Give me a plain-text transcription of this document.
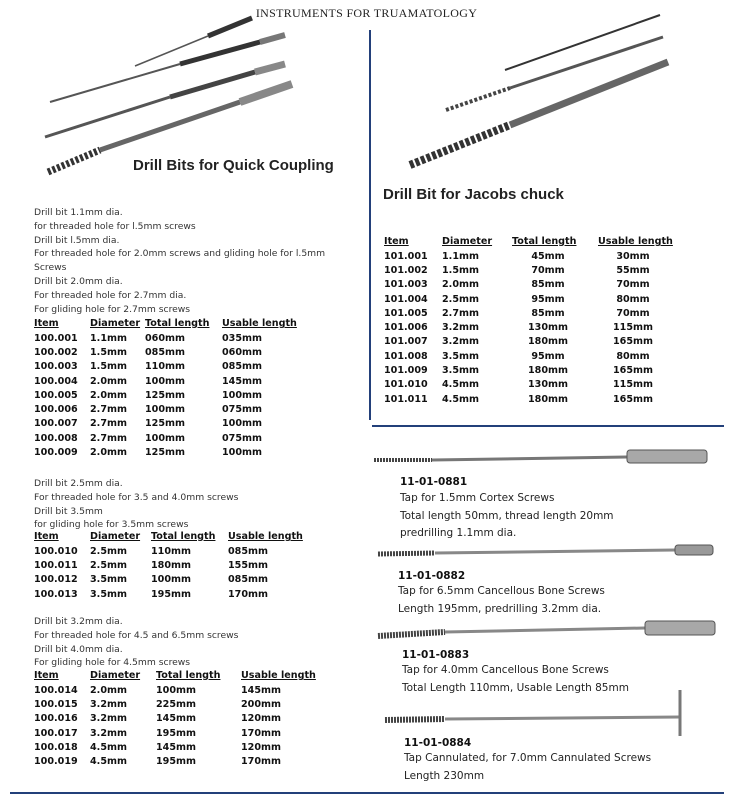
INSTRUMENTS FOR TRUAMATOLOGY
Drill Bits for Quick Coupling
Drill bit 1.1mm dia.
for threaded hole for l.5mm screws
Drill bit l.5mm dia.
For threaded hole for 2.0mm screws and gliding hole for l.5mm
Screws
Drill bit 2.0mm dia.
For threaded hole for 2.7mm dia.
For gliding hole for 2.7mm screws
Item	Diameter	Total length	Usable length
100.001	1.1mm	060mm	035mm
100.002	1.5mm	085mm	060mm
100.003	1.5mm	110mm	085mm
100.004	2.0mm	100mm	145mm
100.005	2.0mm	125mm	100mm
100.006	2.7mm	100mm	075mm
100.007	2.7mm	125mm	100mm
100.008	2.7mm	100mm	075mm
100.009	2.0mm	125mm	100mm
Drill bit 2.5mm dia.
For threaded hole for 3.5 and 4.0mm screws
Drill bit 3.5mm
for gliding hole for 3.5mm screws
Item	Diameter	Total length	Usable length
100.010	2.5mm	110mm	085mm
100.011	2.5mm	180mm	155mm
100.012	3.5mm	100mm	085mm
100.013	3.5mm	195mm	170mm
Drill bit 3.2mm dia.
For threaded hole for 4.5 and 6.5mm screws
Drill bit 4.0mm dia.
For gliding hole for 4.5mm screws
Item	Diameter	Total length	Usable length
100.014	2.0mm	100mm	145mm
100.015	3.2mm	225mm	200mm
100.016	3.2mm	145mm	120mm
100.017	3.2mm	195mm	170mm
100.018	4.5mm	145mm	120mm
100.019	4.5mm	195mm	170mm
Drill Bit for Jacobs chuck
Item	Diameter	Total length	Usable length
101.001	1.1mm	45mm	30mm
101.002	1.5mm	70mm	55mm
101.003	2.0mm	85mm	70mm
101.004	2.5mm	95mm	80mm
101.005	2.7mm	85mm	70mm
101.006	3.2mm	130mm	115mm
101.007	3.2mm	180mm	165mm
101.008	3.5mm	95mm	80mm
101.009	3.5mm	180mm	165mm
101.010	4.5mm	130mm	115mm
101.011	4.5mm	180mm	165mm
11-01-0881
Tap for 1.5mm Cortex Screws
Total length 50mm, thread length 20mm
predrilling 1.1mm dia.
11-01-0882
Tap for 6.5mm Cancellous Bone Screws
Length 195mm, predrilling 3.2mm dia.
11-01-0883
Tap for 4.0mm Cancellous Bone Screws
Total Length 110mm, Usable Length 85mm
11-01-0884
Tap Cannulated, for 7.0mm Cannulated Screws
Length 230mm
